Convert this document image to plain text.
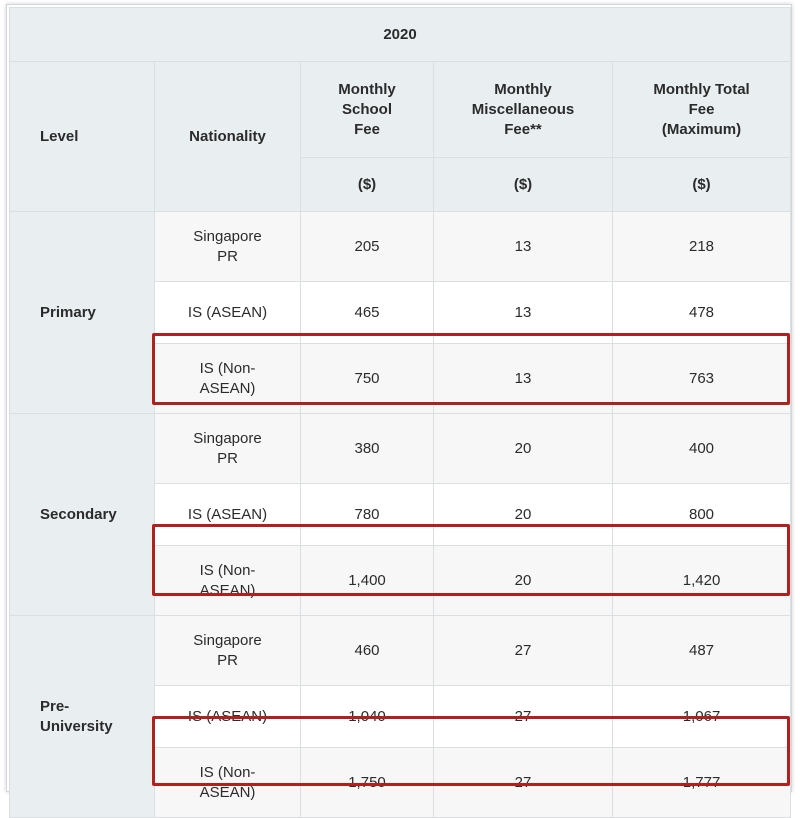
2020				
Level	Nationality	Monthly School Fee	Monthly Miscellaneous Fee**	Monthly Total Fee (Maximum)
		($)	($)	($)
Primary	Singapore PR	205	13	218
	IS (ASEAN)	465	13	478
	IS (Non-ASEAN)	750	13	763
Secondary	Singapore PR	380	20	400
	IS (ASEAN)	780	20	800
	IS (Non-ASEAN)	1,400	20	1,420
Pre-University	Singapore PR	460	27	487
	IS (ASEAN)	1,040	27	1,067
	IS (Non-ASEAN)	1,750	27	1,777
